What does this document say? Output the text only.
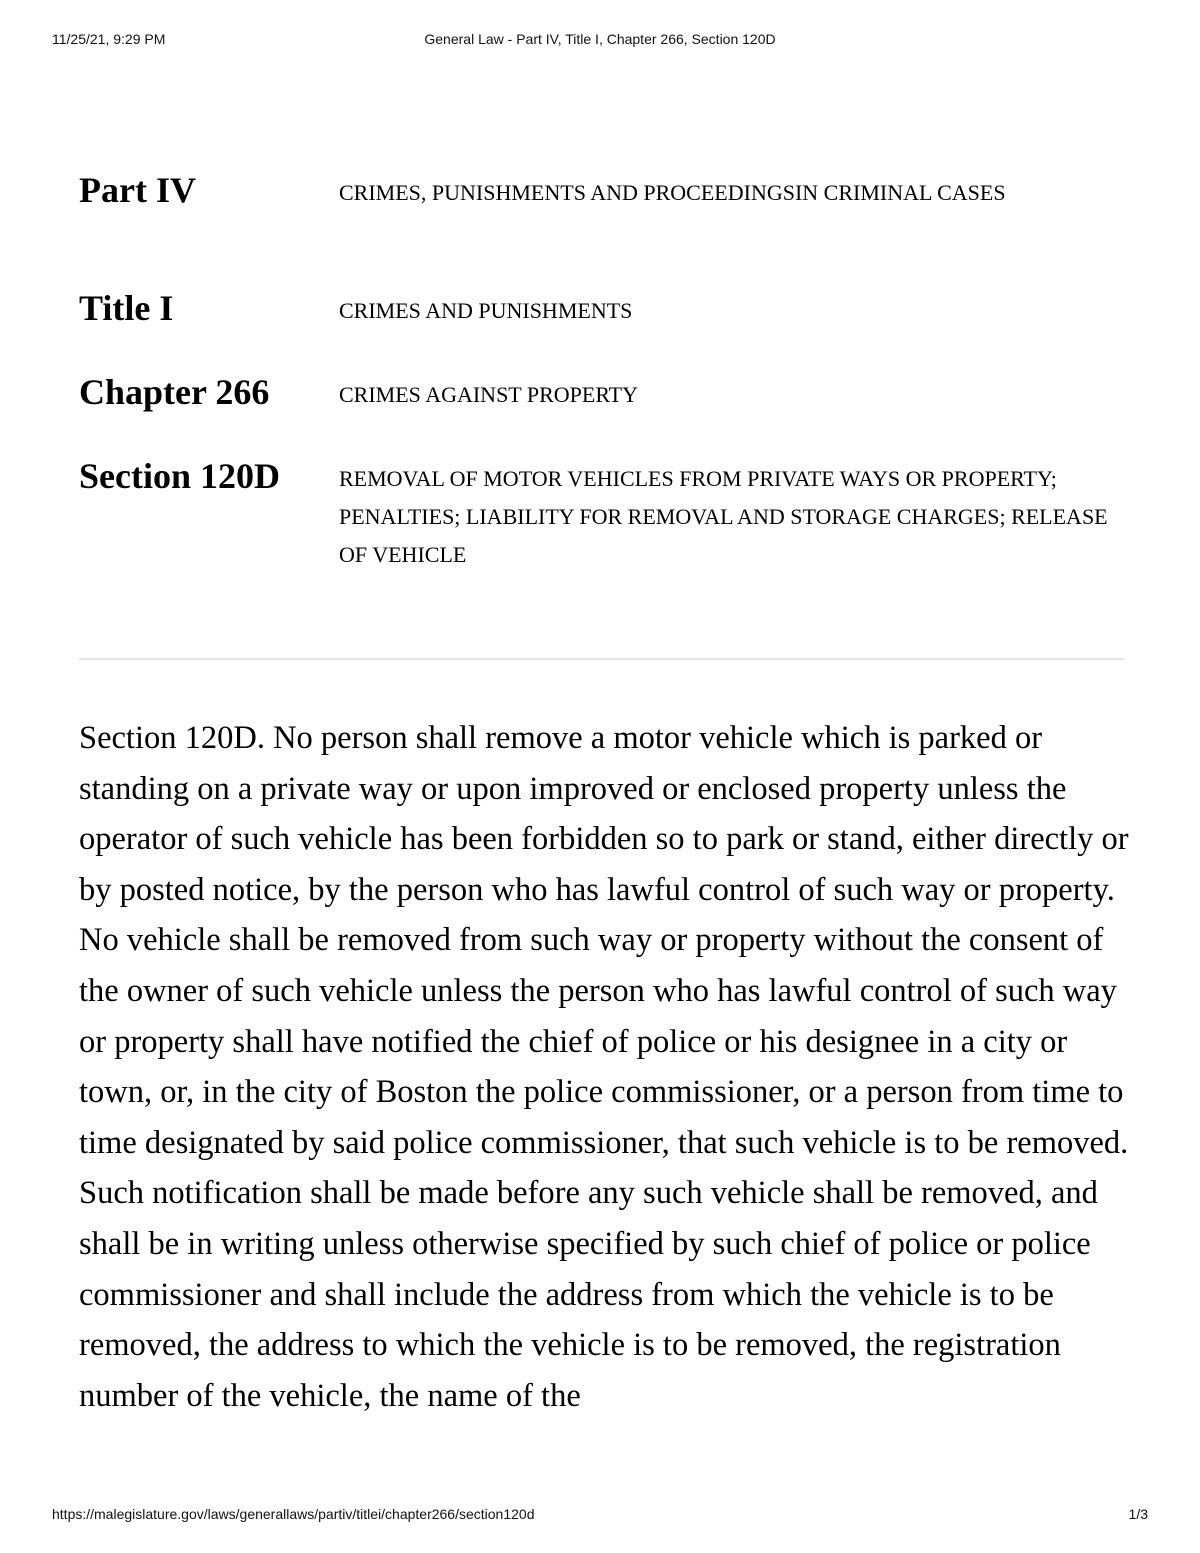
11/25/21, 9:29 PM	General Law - Part IV, Title I, Chapter 266, Section 120D
Part IV	CRIMES, PUNISHMENTS AND PROCEEDINGSIN CRIMINAL CASES
Title I	CRIMES AND PUNISHMENTS
Chapter 266	CRIMES AGAINST PROPERTY
Section 120D	REMOVAL OF MOTOR VEHICLES FROM PRIVATE WAYS OR PROPERTY; PENALTIES; LIABILITY FOR REMOVAL AND STORAGE CHARGES; RELEASE OF VEHICLE

Section 120D. No person shall remove a motor vehicle which is parked or standing on a private way or upon improved or enclosed property unless the operator of such vehicle has been forbidden so to park or stand, either directly or by posted notice, by the person who has lawful control of such way or property. No vehicle shall be removed from such way or property without the consent of the owner of such vehicle unless the person who has lawful control of such way or property shall have notified the chief of police or his designee in a city or town, or, in the city of Boston the police commissioner, or a person from time to time designated by said police commissioner, that such vehicle is to be removed. Such notification shall be made before any such vehicle shall be removed, and shall be in writing unless otherwise specified by such chief of police or police commissioner and shall include the address from which the vehicle is to be removed, the address to which the vehicle is to be removed, the registration number of the vehicle, the name of the

https://malegislature.gov/laws/generallaws/partiv/titlei/chapter266/section120d	1/3
